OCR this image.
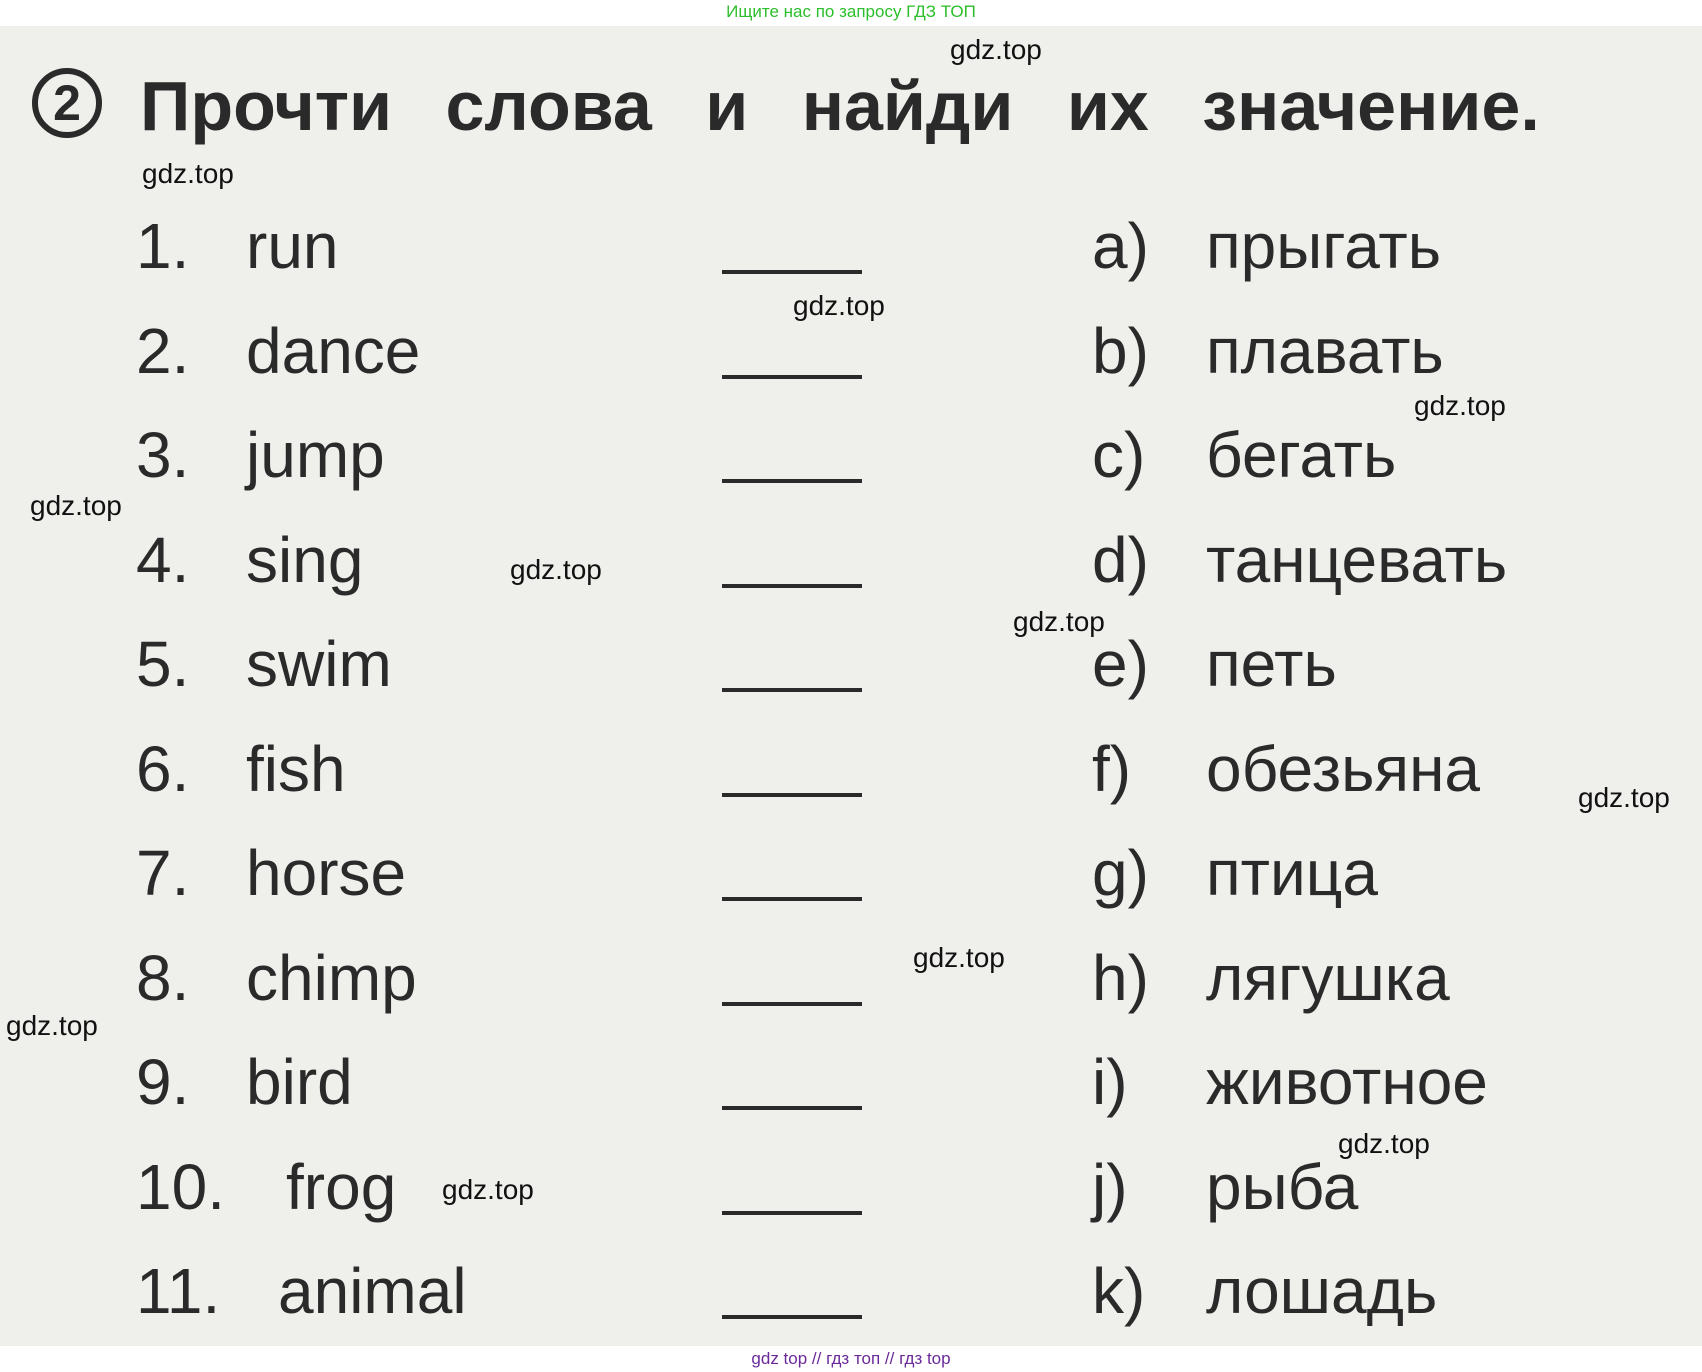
Ищите нас по запросу ГДЗ ТОП
2 Прочти слова и найди их значение.
1. run	a) прыгать
2. dance	b) плавать
3. jump	c) бегать
4. sing	d) танцевать
5. swim	e) петь
6. fish	f) обезьяна
7. horse	g) птица
8. chimp	h) лягушка
9. bird	i) животное
10. frog	j) рыба
11. animal	k) лошадь
gdz.top
gdz.top
gdz.top
gdz.top
gdz.top
gdz.top
gdz.top
gdz.top
gdz.top
gdz.top
gdz.top
gdz.top
gdz top // гдз топ // гдз top
